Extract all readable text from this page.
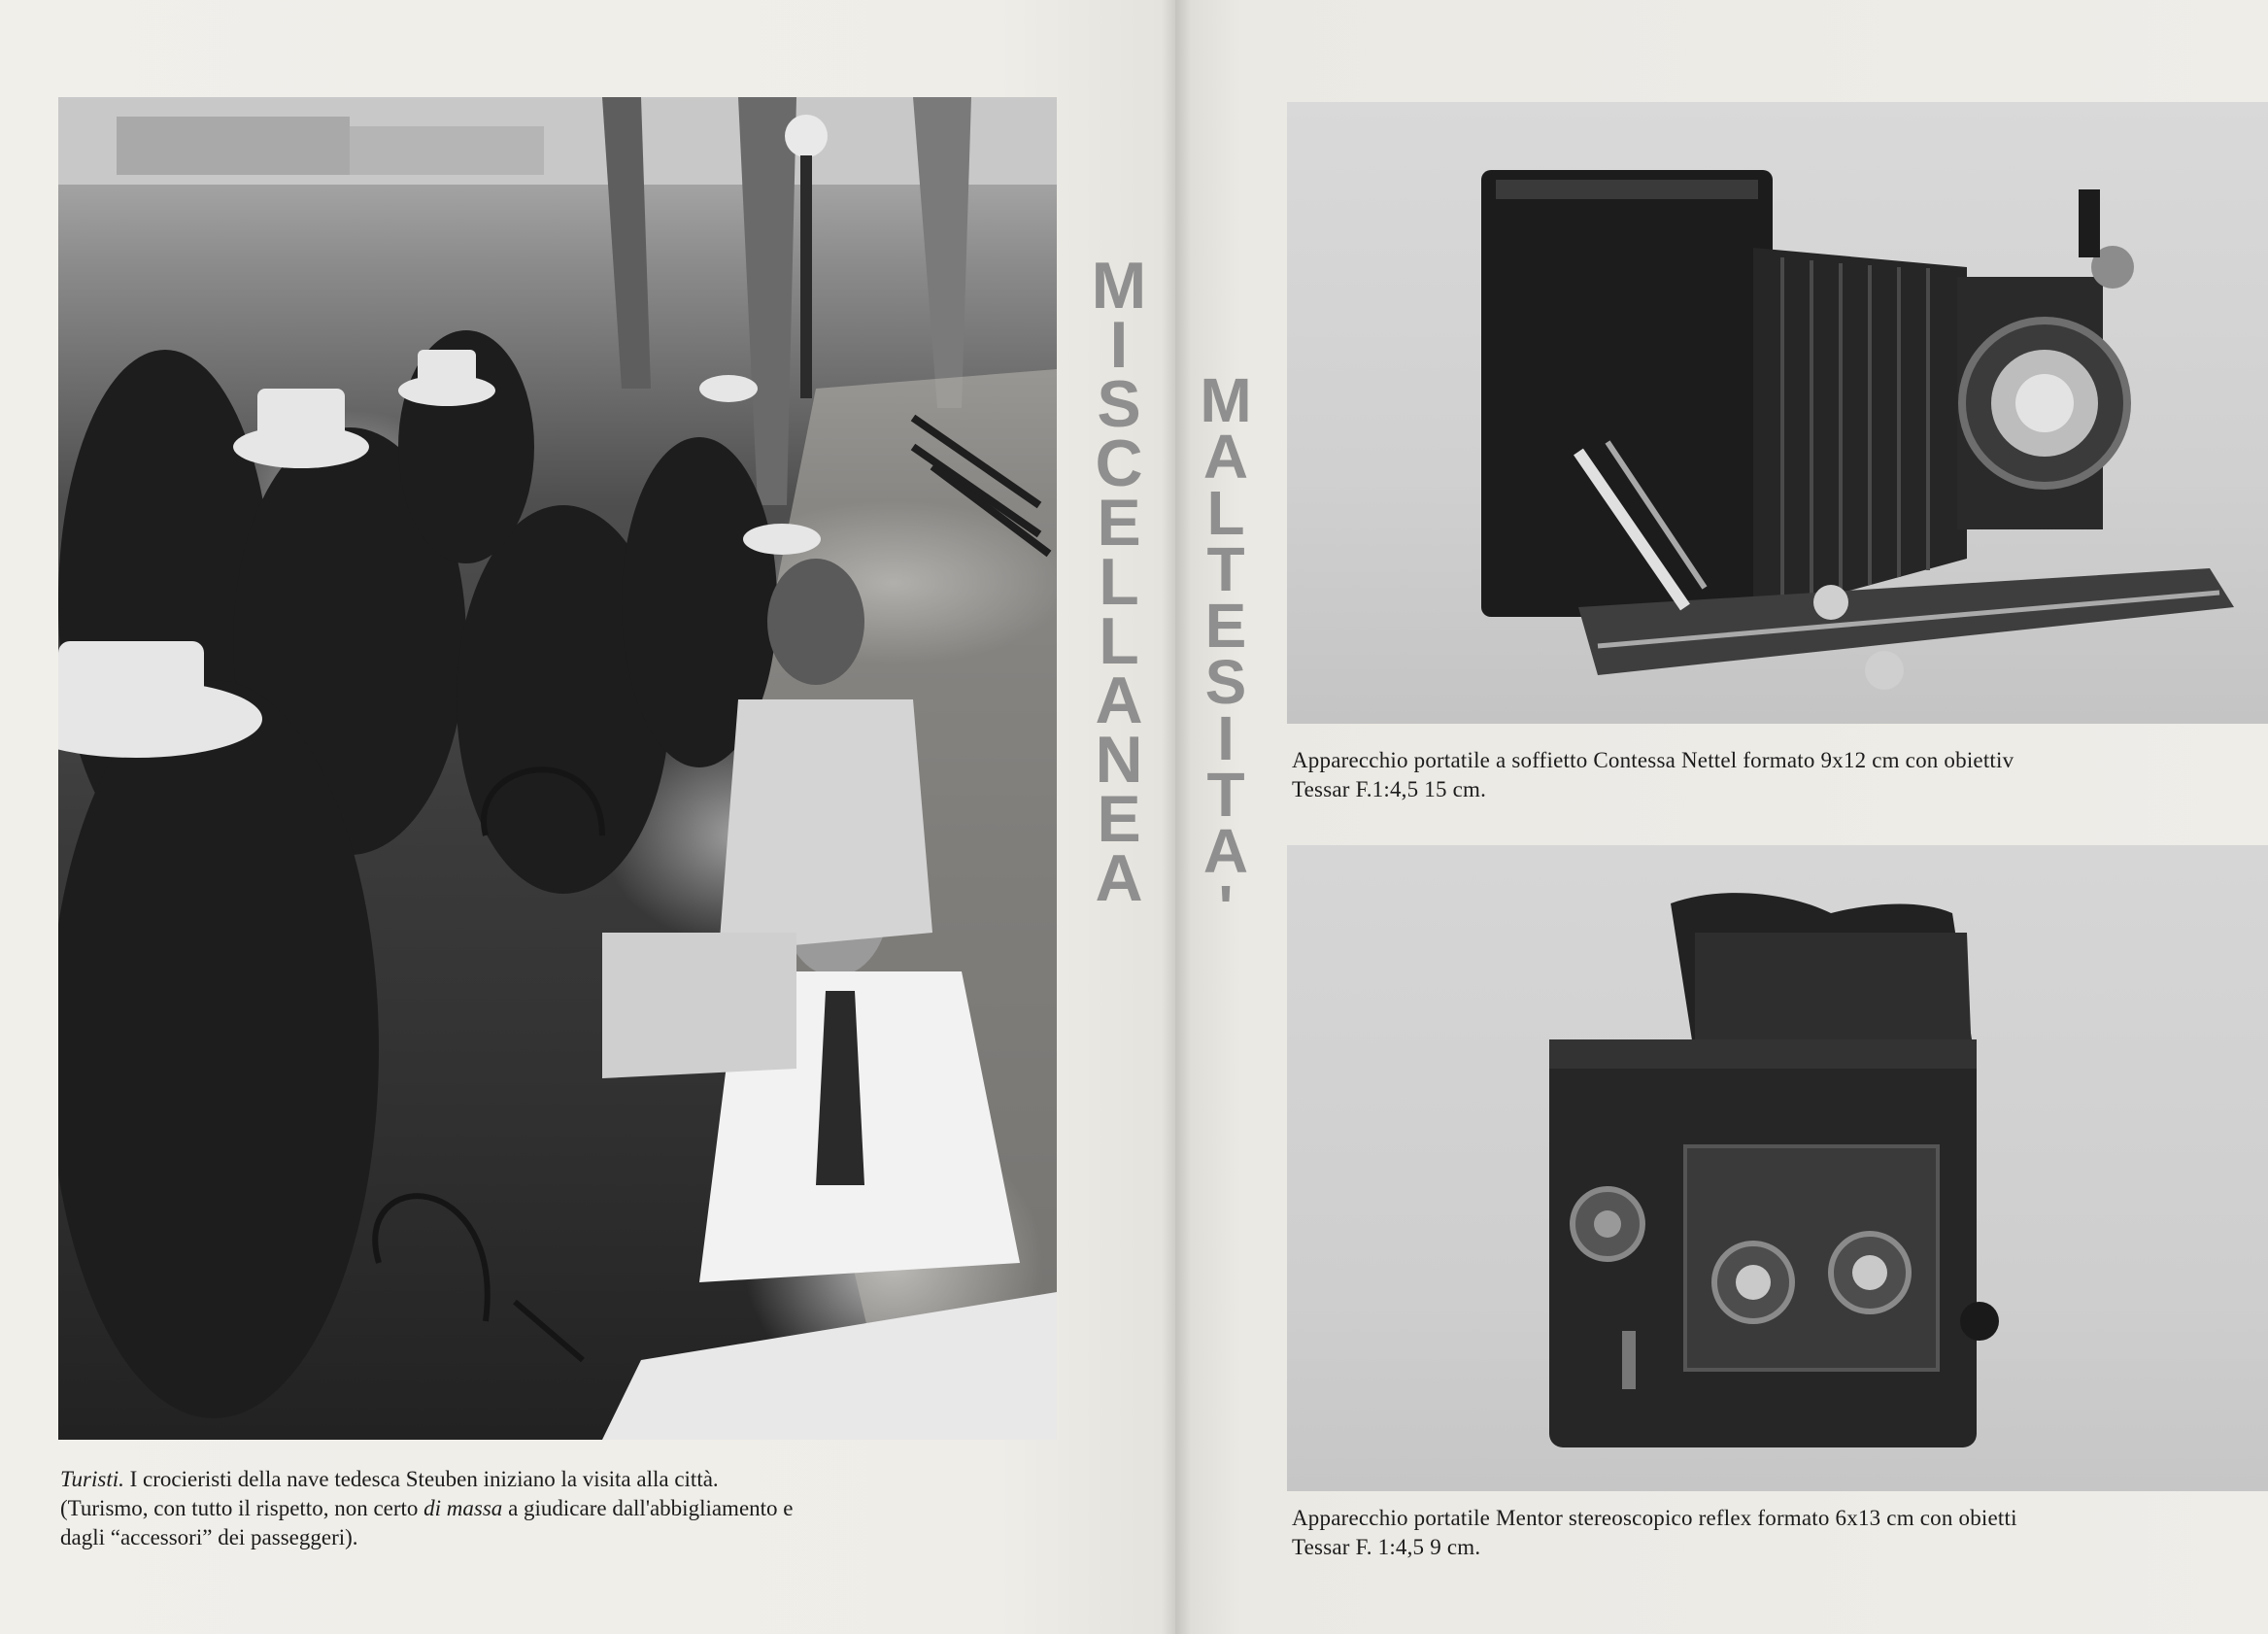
M
I
S
C
E
L
L
A
N
E
A
Turisti. I crocieristi della nave tedesca Steuben iniziano la visita alla città.
(Turismo, con tutto il rispetto, non certo di massa a giudicare dall'abbigliamento e
dagli “accessori” dei passeggeri).
M
A
L
T
E
S
I
T
A
'
Apparecchio portatile a soffietto Contessa Nettel formato 9x12 cm con obiettiv
Tessar F.1:4,5 15 cm.
Apparecchio portatile Mentor stereoscopico reflex formato 6x13 cm con obietti
Tessar F. 1:4,5 9 cm.
